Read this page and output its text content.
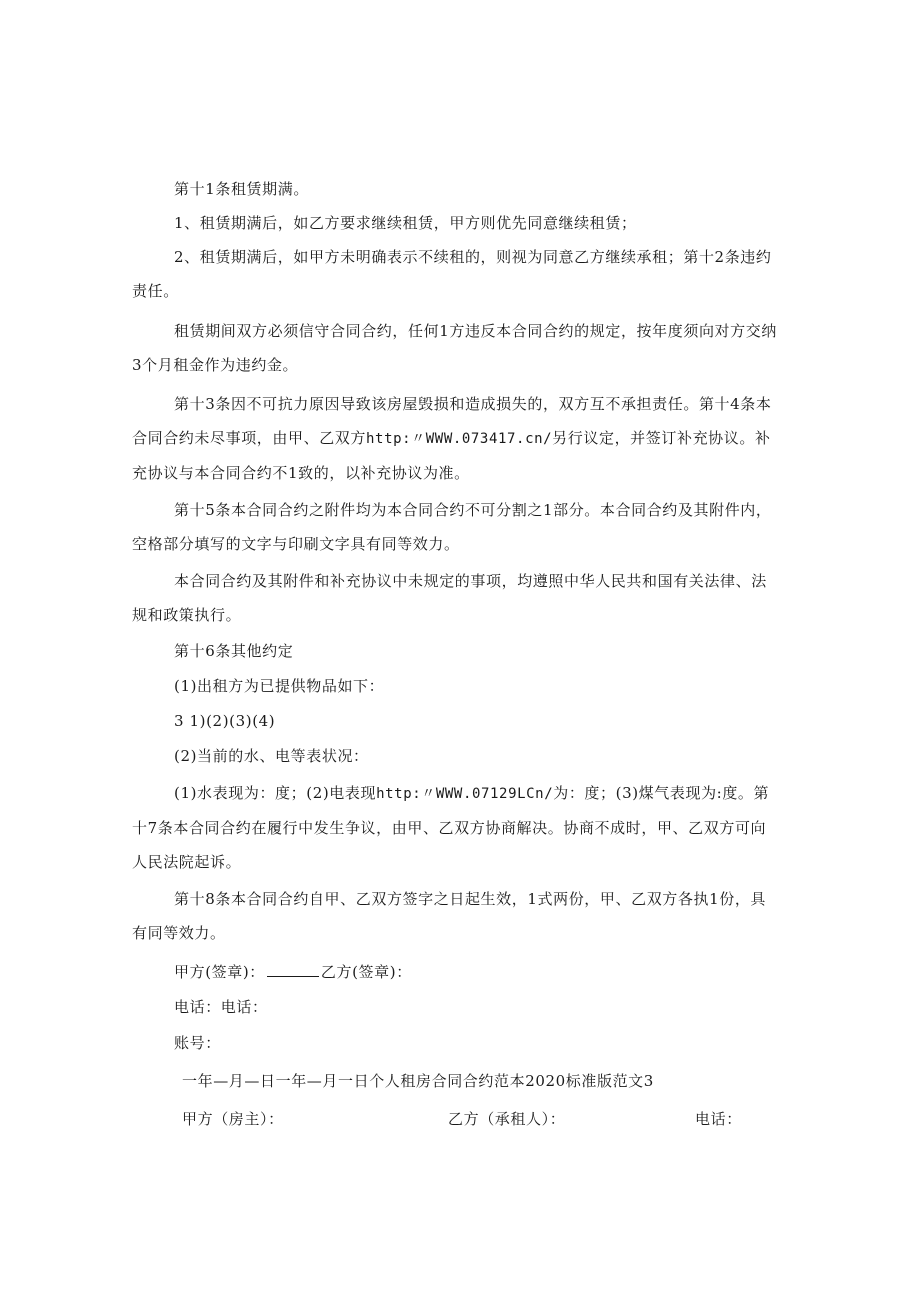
第十1条租赁期满。
1、租赁期满后，如乙方要求继续租赁，甲方则优先同意继续租赁；
2、租赁期满后，如甲方未明确表示不续租的，则视为同意乙方继续承租；第十2条违约责任。
租赁期间双方必须信守合同合约，任何1方违反本合同合约的规定，按年度须向对方交纳3个月租金作为违约金。
第十3条因不可抗力原因导致该房屋毁损和造成损失的，双方互不承担责任。第十4条本合同合约未尽事项，由甲、乙双方http:〃WWW.073417.cn/另行议定，并签订补充协议。补充协议与本合同合约不1致的，以补充协议为准。
第十5条本合同合约之附件均为本合同合约不可分割之1部分。本合同合约及其附件内，空格部分填写的文字与印刷文字具有同等效力。
本合同合约及其附件和补充协议中未规定的事项，均遵照中华人民共和国有关法律、法规和政策执行。
第十6条其他约定
(1)出租方为已提供物品如下：
3 1)(2)(3)(4)
(2)当前的水、电等表状况：
(1)水表现为：度；(2)电表现http:〃WWW.07129LCn/为：度；(3)煤气表现为:度。第十7条本合同合约在履行中发生争议，由甲、乙双方协商解决。协商不成时，甲、乙双方可向人民法院起诉。
第十8条本合同合约自甲、乙双方签字之日起生效，1式两份，甲、乙双方各执1份，具有同等效力。
甲方(签章)：	乙方(签章)：
电话：电话：
账号：
一年—月—日一年—月一日个人租房合同合约范本2020标准版范文3
甲方（房主）：	乙方（承租人）：	电话：
